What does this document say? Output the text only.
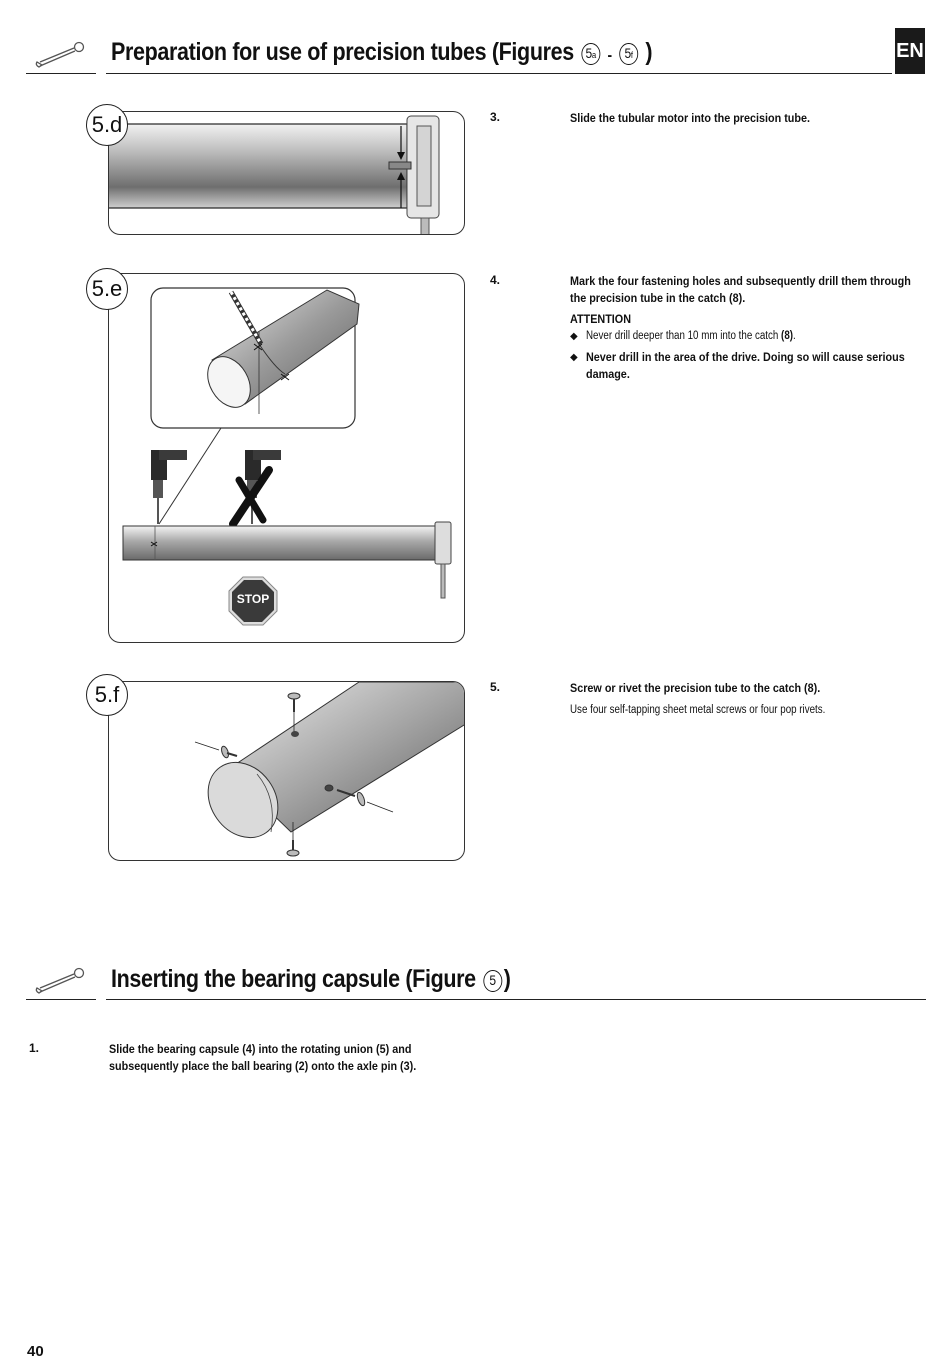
Preparation for use of precision tubes (Figures 5a - 5f )	EN
5.d
STOP
5.e
5.f
3.	Slide the tubular motor into the precision tube.
4.	Mark the four fastening holes and subsequently drill them through the precision tube in the catch (8).
ATTENTION
◆ Never drill deeper than 10 mm into the catch (8).
◆ Never drill in the area of the drive. Doing so will cause serious damage.
5.	Screw or rivet the precision tube to the catch (8).
Use four self-tapping sheet metal screws or four pop rivets.
Inserting the bearing capsule (Figure 5 )
1.	Slide the bearing capsule (4) into the rotating union (5) and subsequently place the ball bearing (2) onto the axle pin (3).
40
